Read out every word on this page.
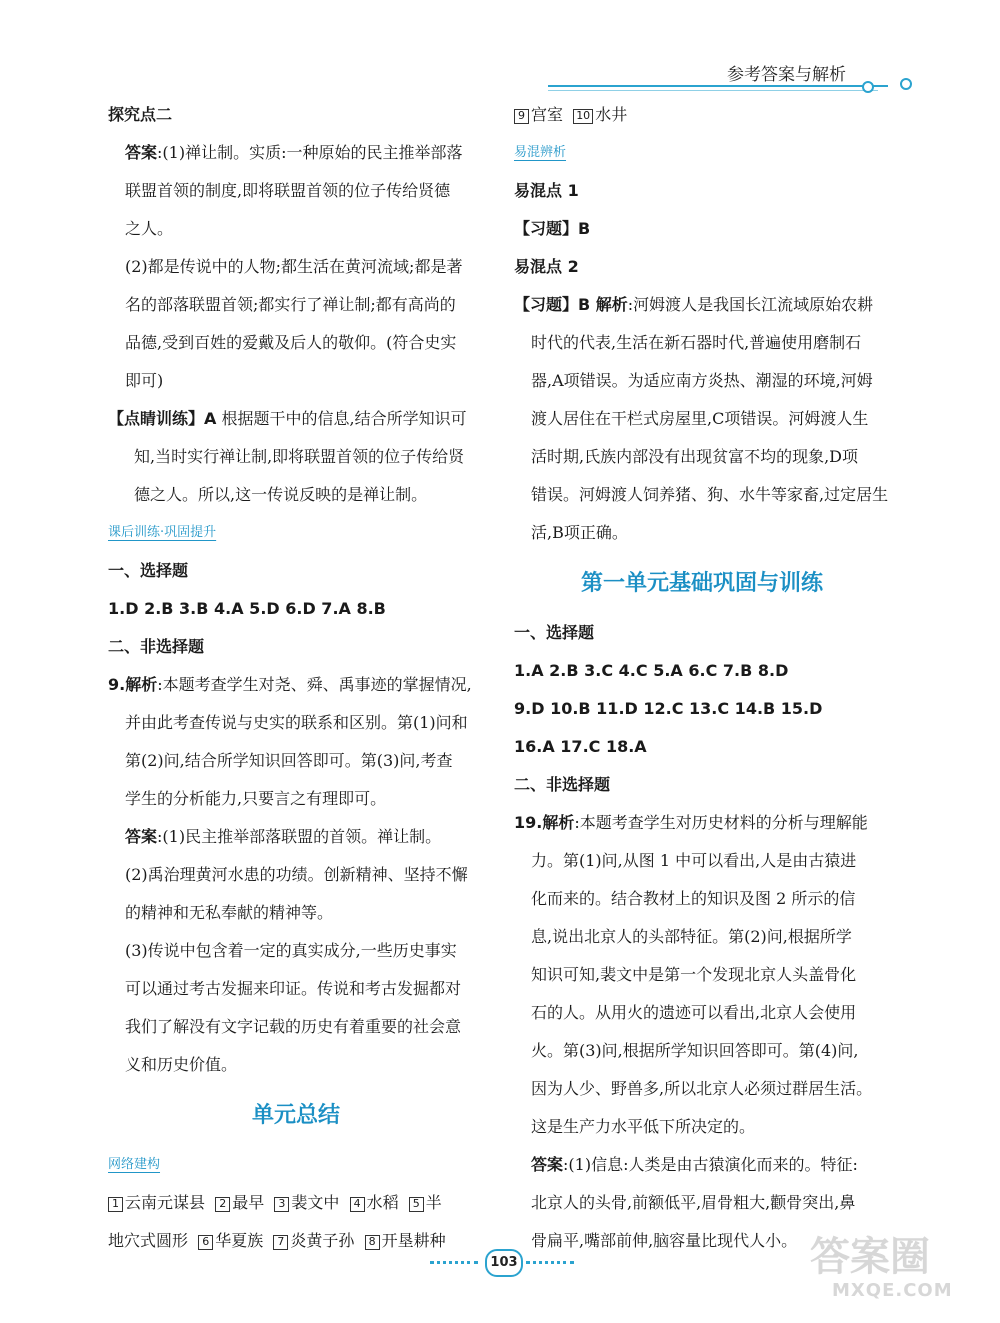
参考答案与解析

探究点二

答案:(1)禅让制。实质:一种原始的民主推举部落

联盟首领的制度,即将联盟首领的位子传给贤德

之人。

(2)都是传说中的人物;都生活在黄河流域;都是著

名的部落联盟首领;都实行了禅让制;都有高尚的

品德,受到百姓的爱戴及后人的敬仰。(符合史实

即可)

【点睛训练】A 根据题干中的信息,结合所学知识可

知,当时实行禅让制,即将联盟首领的位子传给贤

德之人。所以,这一传说反映的是禅让制。

课后训练·巩固提升

一、选择题

1.D 2.B 3.B 4.A 5.D 6.D 7.A 8.B

二、非选择题

9.解析:本题考查学生对尧、舜、禹事迹的掌握情况,

并由此考查传说与史实的联系和区别。第(1)问和

第(2)问,结合所学知识回答即可。第(3)问,考查

学生的分析能力,只要言之有理即可。

答案:(1)民主推举部落联盟的首领。禅让制。

(2)禹治理黄河水患的功绩。创新精神、坚持不懈

的精神和无私奉献的精神等。

(3)传说中包含着一定的真实成分,一些历史事实

可以通过考古发掘来印证。传说和考古发掘都对

我们了解没有文字记载的历史有着重要的社会意

义和历史价值。

单元总结
网络建构

1 云南元谋县 2 最早 3 裴文中 4 水稻 5 半

地穴式圆形 6 华夏族 7 炎黄子孙 8 开垦耕种

9 宫室 10 水井

易混辨析

易混点 1

【习题】B

易混点 2

【习题】B 解析:河姆渡人是我国长江流域原始农耕

时代的代表,生活在新石器时代,普遍使用磨制石

器,A项错误。为适应南方炎热、潮湿的环境,河姆

渡人居住在干栏式房屋里,C项错误。河姆渡人生

活时期,氏族内部没有出现贫富不均的现象,D项

错误。河姆渡人饲养猪、狗、水牛等家畜,过定居生

活,B项正确。

第一单元基础巩固与训练

一、选择题

1.A 2.B 3.C 4.C 5.A 6.C 7.B 8.D

9.D 10.B 11.D 12.C 13.C 14.B 15.D

16.A 17.C 18.A

二、非选择题

19.解析:本题考查学生对历史材料的分析与理解能

力。第(1)问,从图 1 中可以看出,人是由古猿进

化而来的。结合教材上的知识及图 2 所示的信

息,说出北京人的头部特征。第(2)问,根据所学

知识可知,裴文中是第一个发现北京人头盖骨化

石的人。从用火的遗迹可以看出,北京人会使用

火。第(3)问,根据所学知识回答即可。第(4)问,

因为人少、野兽多,所以北京人必须过群居生活。

这是生产力水平低下所决定的。

答案:(1)信息:人类是由古猿演化而来的。特征:

北京人的头骨,前额低平,眉骨粗大,颧骨突出,鼻

骨扁平,嘴部前伸,脑容量比现代人小。

103	答案圈
MXQE.COM
